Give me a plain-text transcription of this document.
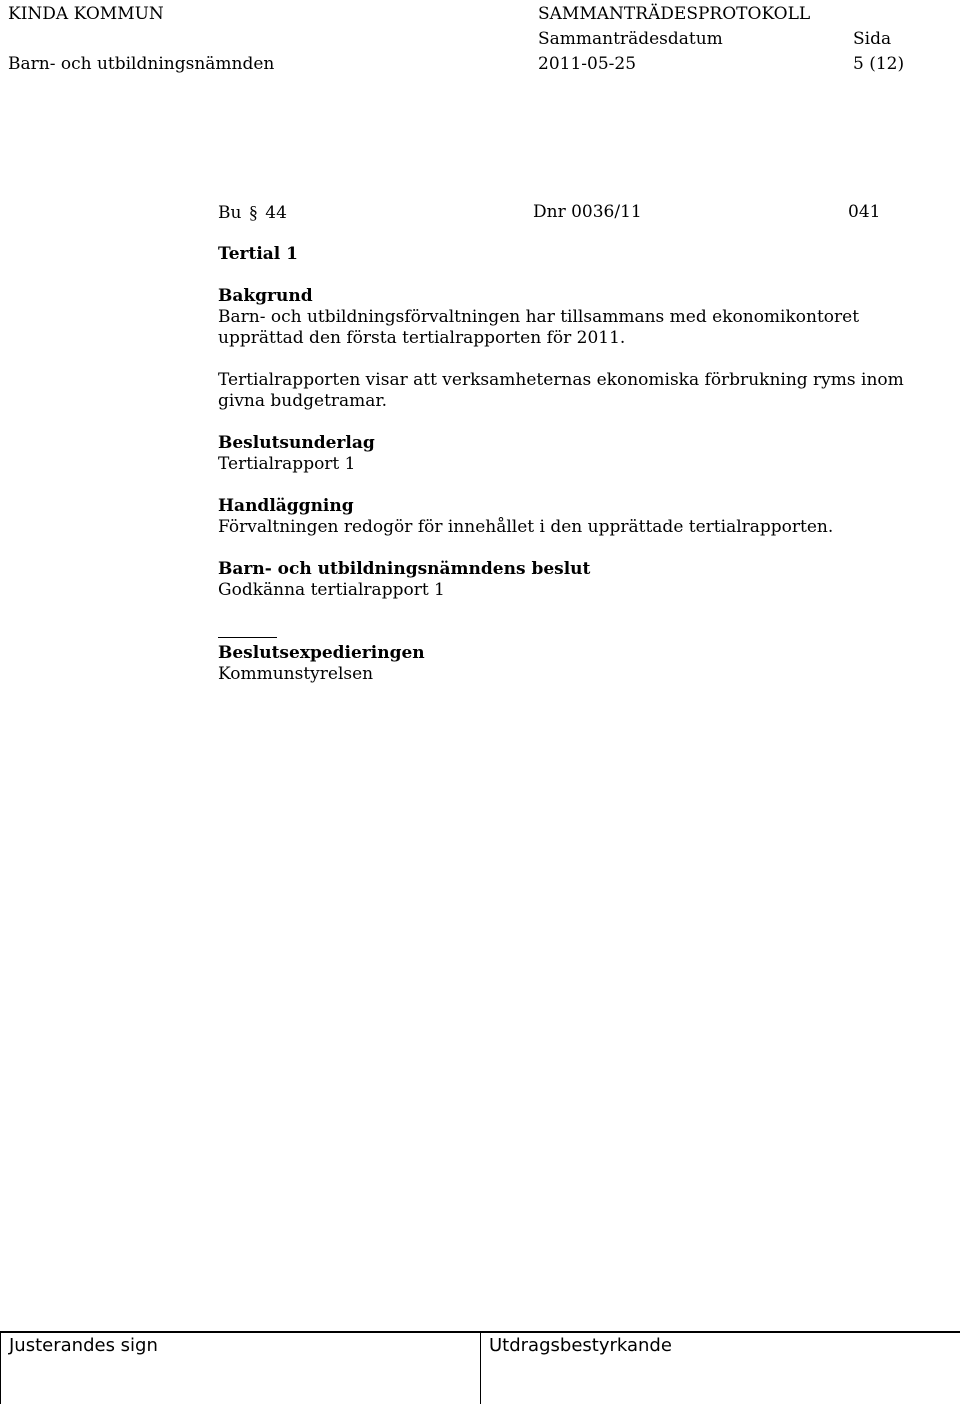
KINDA KOMMUN
Barn- och utbildningsnämnden
SAMMANTRÄDESPROTOKOLL
Sammanträdesdatum
2011-05-25
Sida
5 (12)
Bu § 44	Dnr 0036/11	041
Tertial 1
Bakgrund
Barn- och utbildningsförvaltningen har tillsammans med ekonomikontoret upprättad den första tertialrapporten för 2011.
Tertialrapporten visar att verksamheternas ekonomiska förbrukning ryms inom givna budgetramar.
Beslutsunderlag
Tertialrapport 1
Handläggning
Förvaltningen redogör för innehållet i den upprättade tertialrapporten.
Barn- och utbildningsnämndens beslut
Godkänna tertialrapport 1
Beslutsexpedieringen
Kommunstyrelsen
Justerandes sign	Utdragsbestyrkande
